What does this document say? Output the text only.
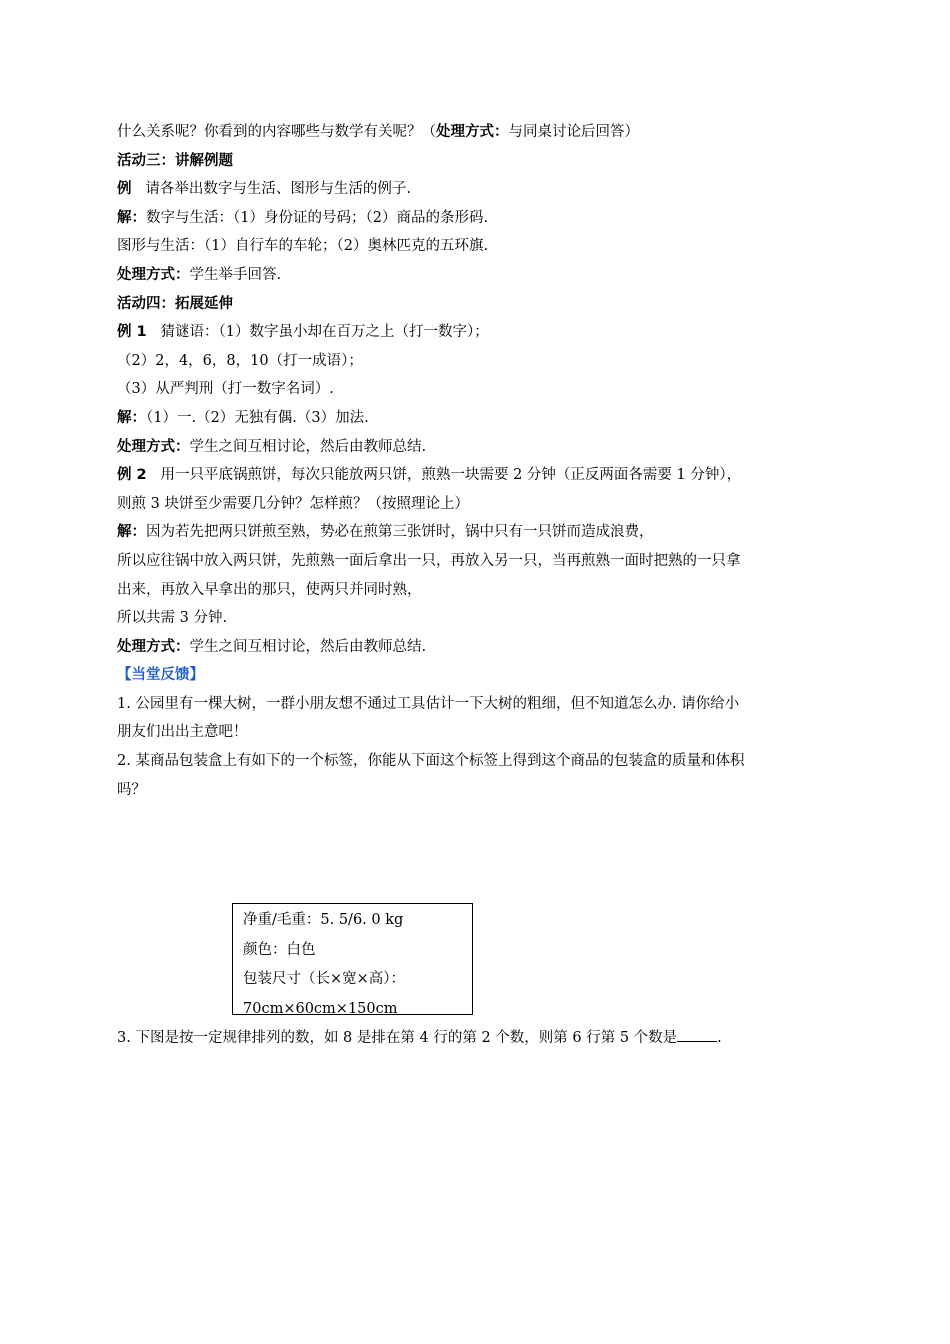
什么关系呢？你看到的内容哪些与数学有关呢？（处理方式：与同桌讨论后回答）
活动三：讲解例题
例 请各举出数字与生活、图形与生活的例子.
解：数字与生活：（1）身份证的号码；（2）商品的条形码.
图形与生活：（1）自行车的车轮；（2）奥林匹克的五环旗.
处理方式：学生举手回答.
活动四：拓展延伸
例 1 猜谜语：（1）数字虽小却在百万之上（打一数字）；
（2）2，4，6，8，10（打一成语）；
（3）从严判刑（打一数字名词）.
解：（1）一.（2）无独有偶.（3）加法.
处理方式：学生之间互相讨论，然后由教师总结.
例 2 用一只平底锅煎饼，每次只能放两只饼，煎熟一块需要 2 分钟（正反两面各需要 1 分钟），
则煎 3 块饼至少需要几分钟？怎样煎？（按照理论上）
解：因为若先把两只饼煎至熟，势必在煎第三张饼时，锅中只有一只饼而造成浪费，
所以应往锅中放入两只饼，先煎熟一面后拿出一只，再放入另一只，当再煎熟一面时把熟的一只拿
出来，再放入早拿出的那只，使两只并同时熟，
所以共需 3 分钟.
处理方式：学生之间互相讨论，然后由教师总结.
【当堂反馈】
1. 公园里有一棵大树，一群小朋友想不通过工具估计一下大树的粗细，但不知道怎么办. 请你给小
朋友们出出主意吧！
2. 某商品包装盒上有如下的一个标签，你能从下面这个标签上得到这个商品的包装盒的质量和体积
吗？
净重/毛重：5. 5/6. 0 kg
颜色：白色
包装尺寸（长×宽×高）：
70cm×60cm×150cm
3. 下图是按一定规律排列的数，如 8 是排在第 4 行的第 2 个数，则第 6 行第 5 个数是	.
